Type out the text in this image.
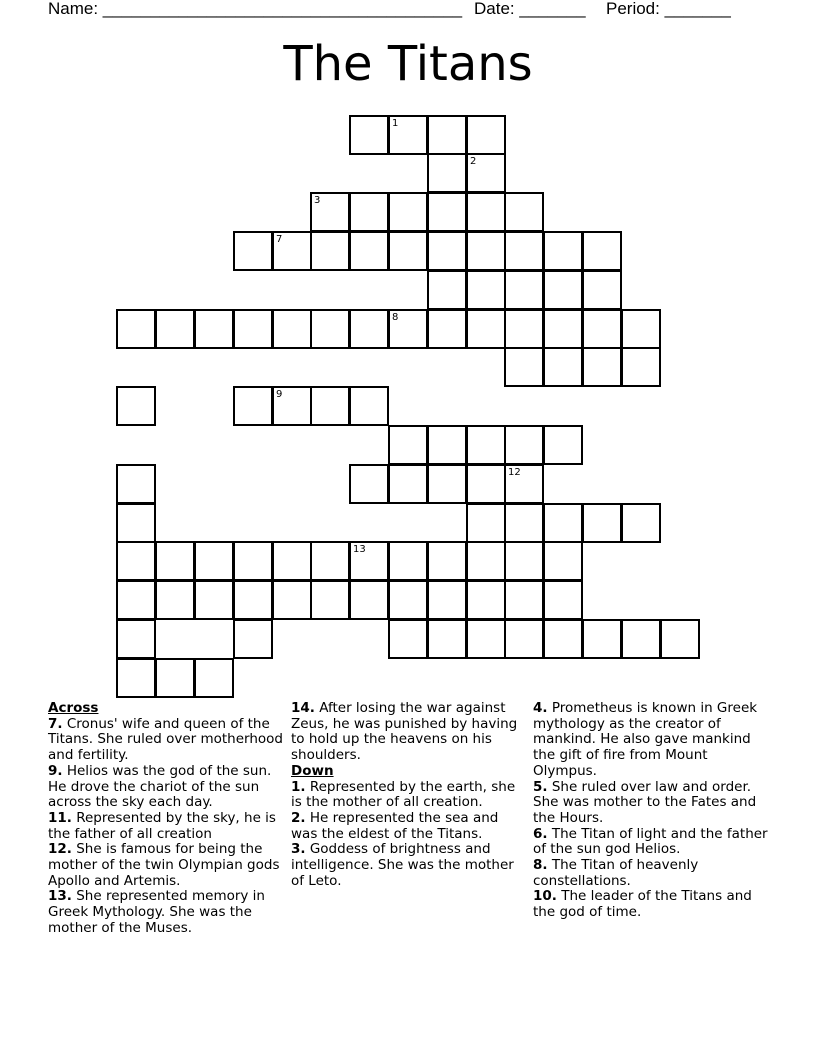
Name: ______________________________________ Date: _______ Period: _______
The Titans
1
2
3
7
8
9
12
13
Across
7. Cronus' wife and queen of the Titans. She ruled over motherhood and fertility.
9. Helios was the god of the sun. He drove the chariot of the sun across the sky each day.
11. Represented by the sky, he is the father of all creation
12. She is famous for being the mother of the twin Olympian gods Apollo and Artemis.
13. She represented memory in Greek Mythology. She was the mother of the Muses.
14. After losing the war against Zeus, he was punished by having to hold up the heavens on his shoulders.
Down
1. Represented by the earth, she is the mother of all creation.
2. He represented the sea and was the eldest of the Titans.
3. Goddess of brightness and intelligence. She was the mother of Leto.
4. Prometheus is known in Greek mythology as the creator of mankind. He also gave mankind the gift of fire from Mount Olympus.
5. She ruled over law and order. She was mother to the Fates and the Hours.
6. The Titan of light and the father of the sun god Helios.
8. The Titan of heavenly constellations.
10. The leader of the Titans and the god of time.
